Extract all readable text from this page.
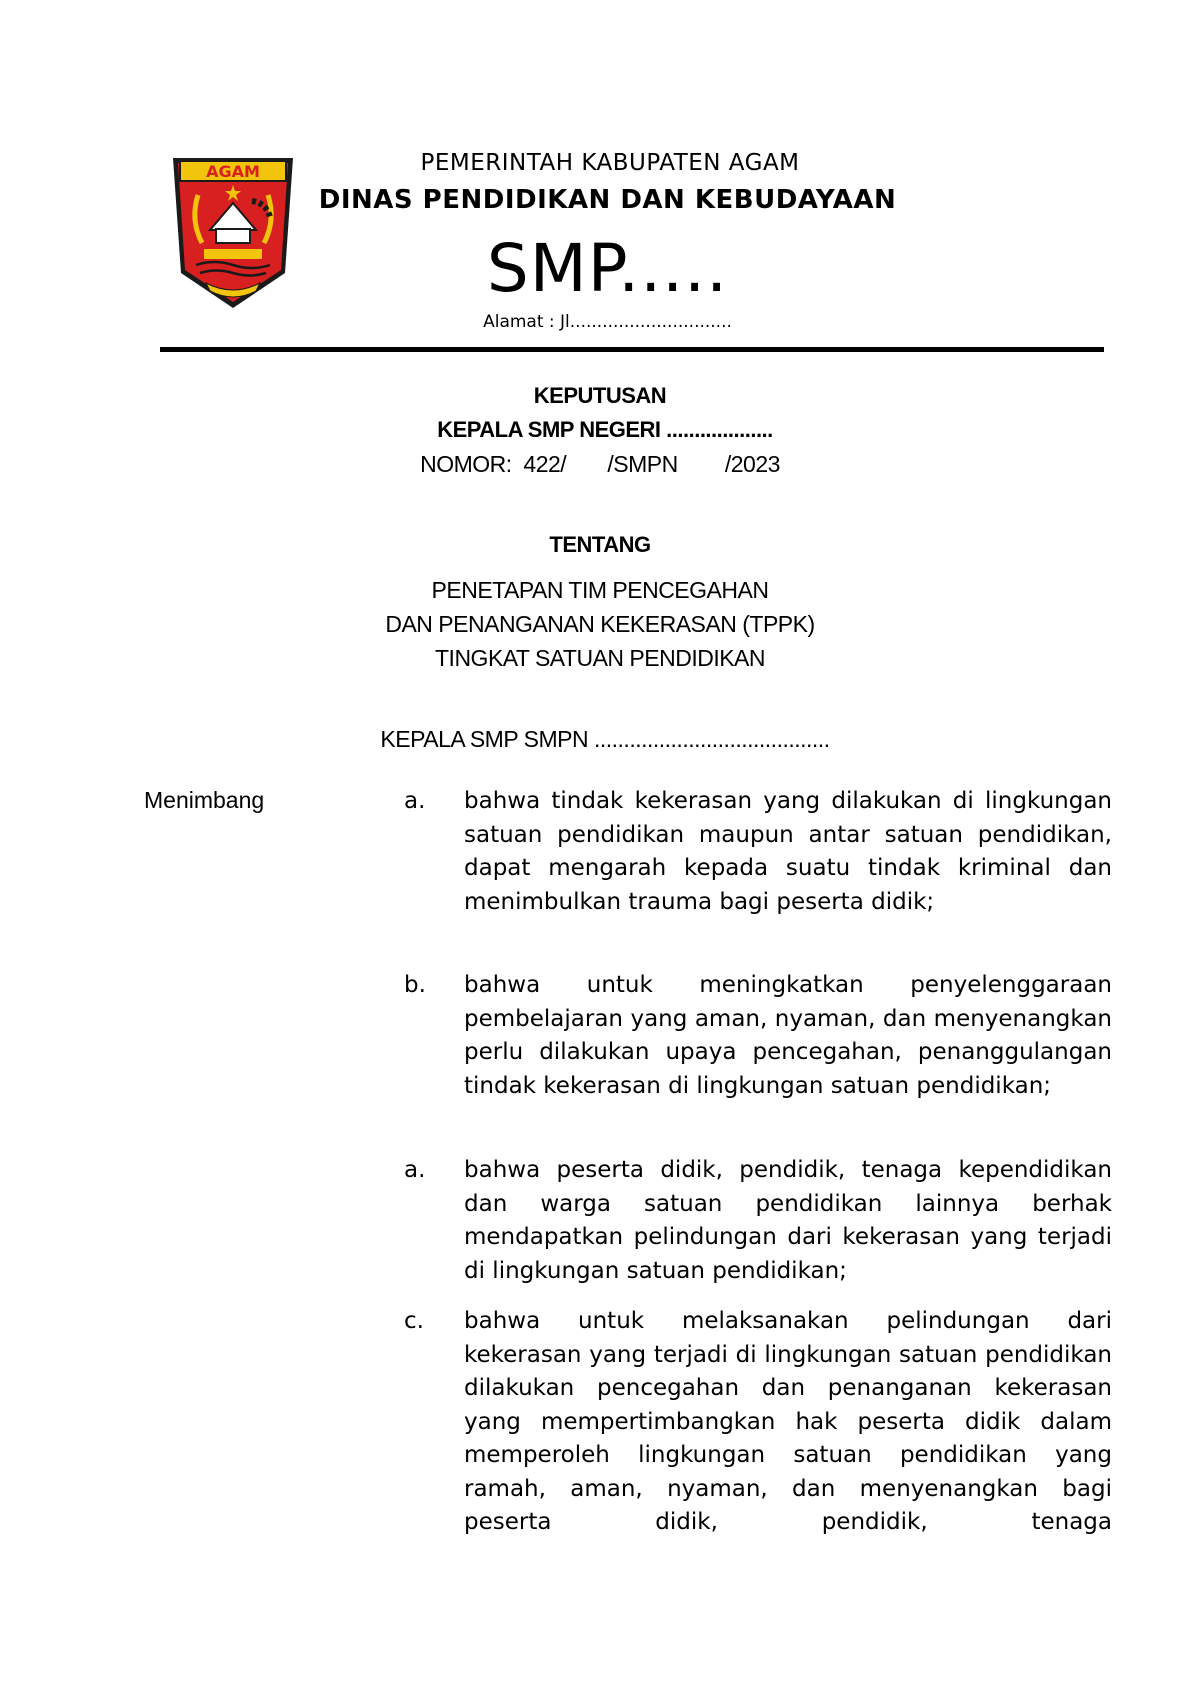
AGAM	PEMERINTAH KABUPATEN AGAM
DINAS PENDIDIKAN DAN KEBUDAYAAN
SMP.....
Alamat : Jl..............................
KEPUTUSAN
KEPALA SMP NEGERI ...................
NOMOR:  422/       /SMPN        /2023
TENTANG
PENETAPAN TIM PENCEGAHAN
DAN PENANGANAN KEKERASAN (TPPK)
TINGKAT SATUAN PENDIDIKAN
KEPALA SMP SMPN ........................................
Menimbang	a. bahwa tindak kekerasan yang dilakukan di lingkungan satuan pendidikan maupun antar satuan pendidikan, dapat mengarah kepada suatu tindak kriminal dan menimbulkan trauma bagi peserta didik;
b. bahwa untuk meningkatkan penyelenggaraan pembelajaran yang aman, nyaman, dan menyenangkan perlu dilakukan upaya pencegahan, penanggulangan tindak kekerasan di lingkungan satuan pendidikan;
a. bahwa peserta didik, pendidik, tenaga kependidikan dan warga satuan pendidikan lainnya berhak mendapatkan pelindungan dari kekerasan yang terjadi di lingkungan satuan pendidikan;
c. bahwa untuk melaksanakan pelindungan dari kekerasan yang terjadi di lingkungan satuan pendidikan dilakukan pencegahan dan penanganan kekerasan yang mempertimbangkan hak peserta didik dalam memperoleh lingkungan satuan pendidikan yang ramah, aman, nyaman, dan menyenangkan bagi peserta didik, pendidik, tenaga
